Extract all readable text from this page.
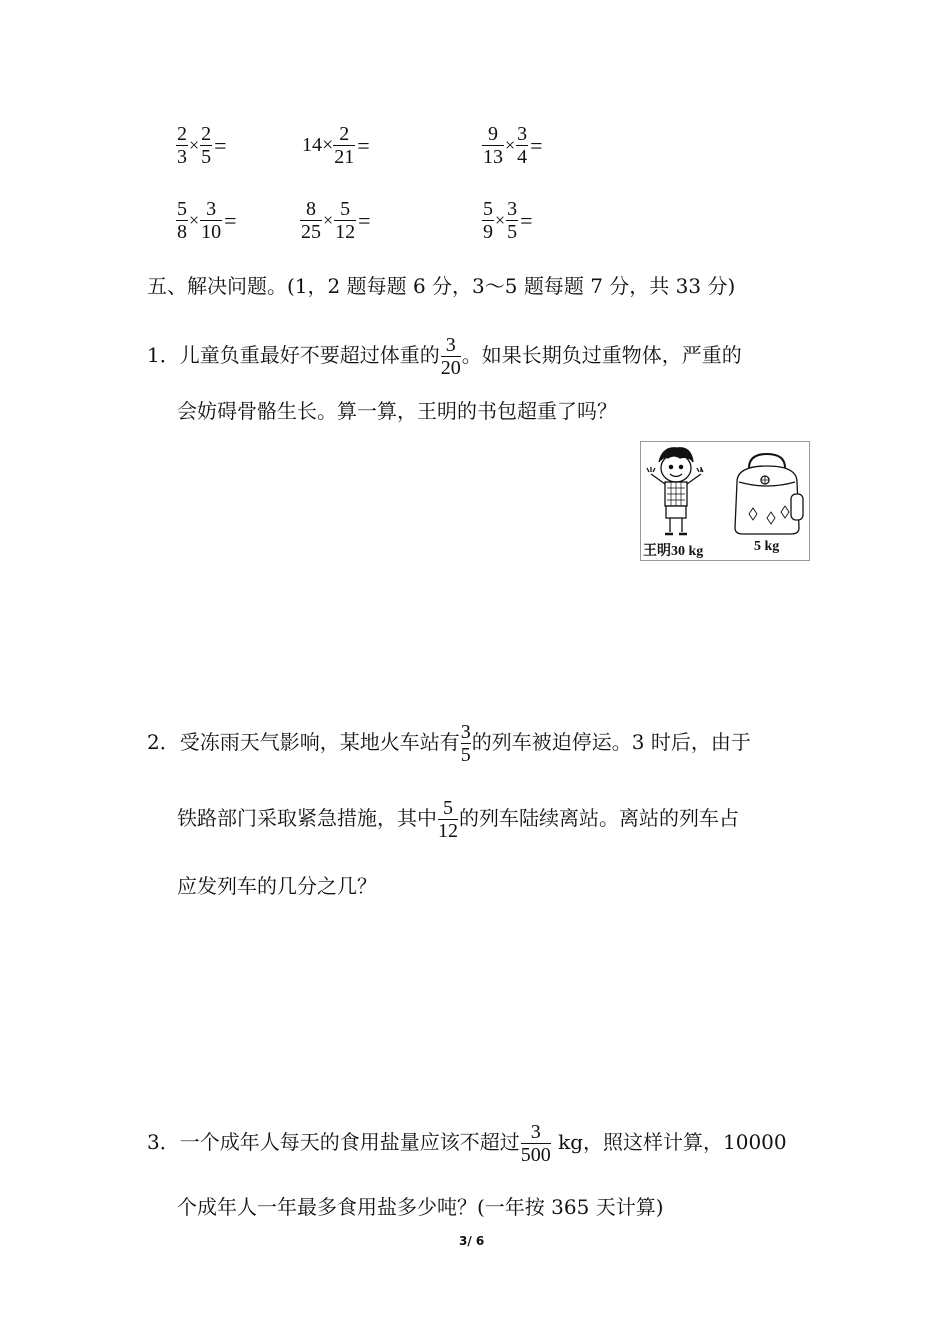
$\frac{2}{3} \times \frac{2}{5}$ =	$14\times \frac{2}{21}$ =	$\frac{9}{13} \times \frac{3}{4}$ =
$\frac{5}{8} \times \frac{3}{10}$ =	$\frac{8}{25} \times \frac{5}{12}$ =	$\frac{5}{9} \times \frac{3}{5}$ =
五、解决问题。(1，2 题每题 6 分，3～5 题每题 7 分，共 33 分)
1．儿童负重最好不要超过体重的 $\frac{3}{20}$ 。如果长期负过重物体，严重的
会妨碍骨骼生长。算一算，王明的书包超重了吗？
王明30 kg	5 kg
2．受冻雨天气影响，某地火车站有 $\frac{3}{5}$ 的列车被迫停运。3 时后，由于
铁路部门采取紧急措施，其中 $\frac{5}{12}$ 的列车陆续离站。离站的列车占
应发列车的几分之几？
3．一个成年人每天的食用盐量应该不超过 $\frac{3}{500}$ kg，照这样计算，10000
个成年人一年最多食用盐多少吨？(一年按 365 天计算)
3/ 6
